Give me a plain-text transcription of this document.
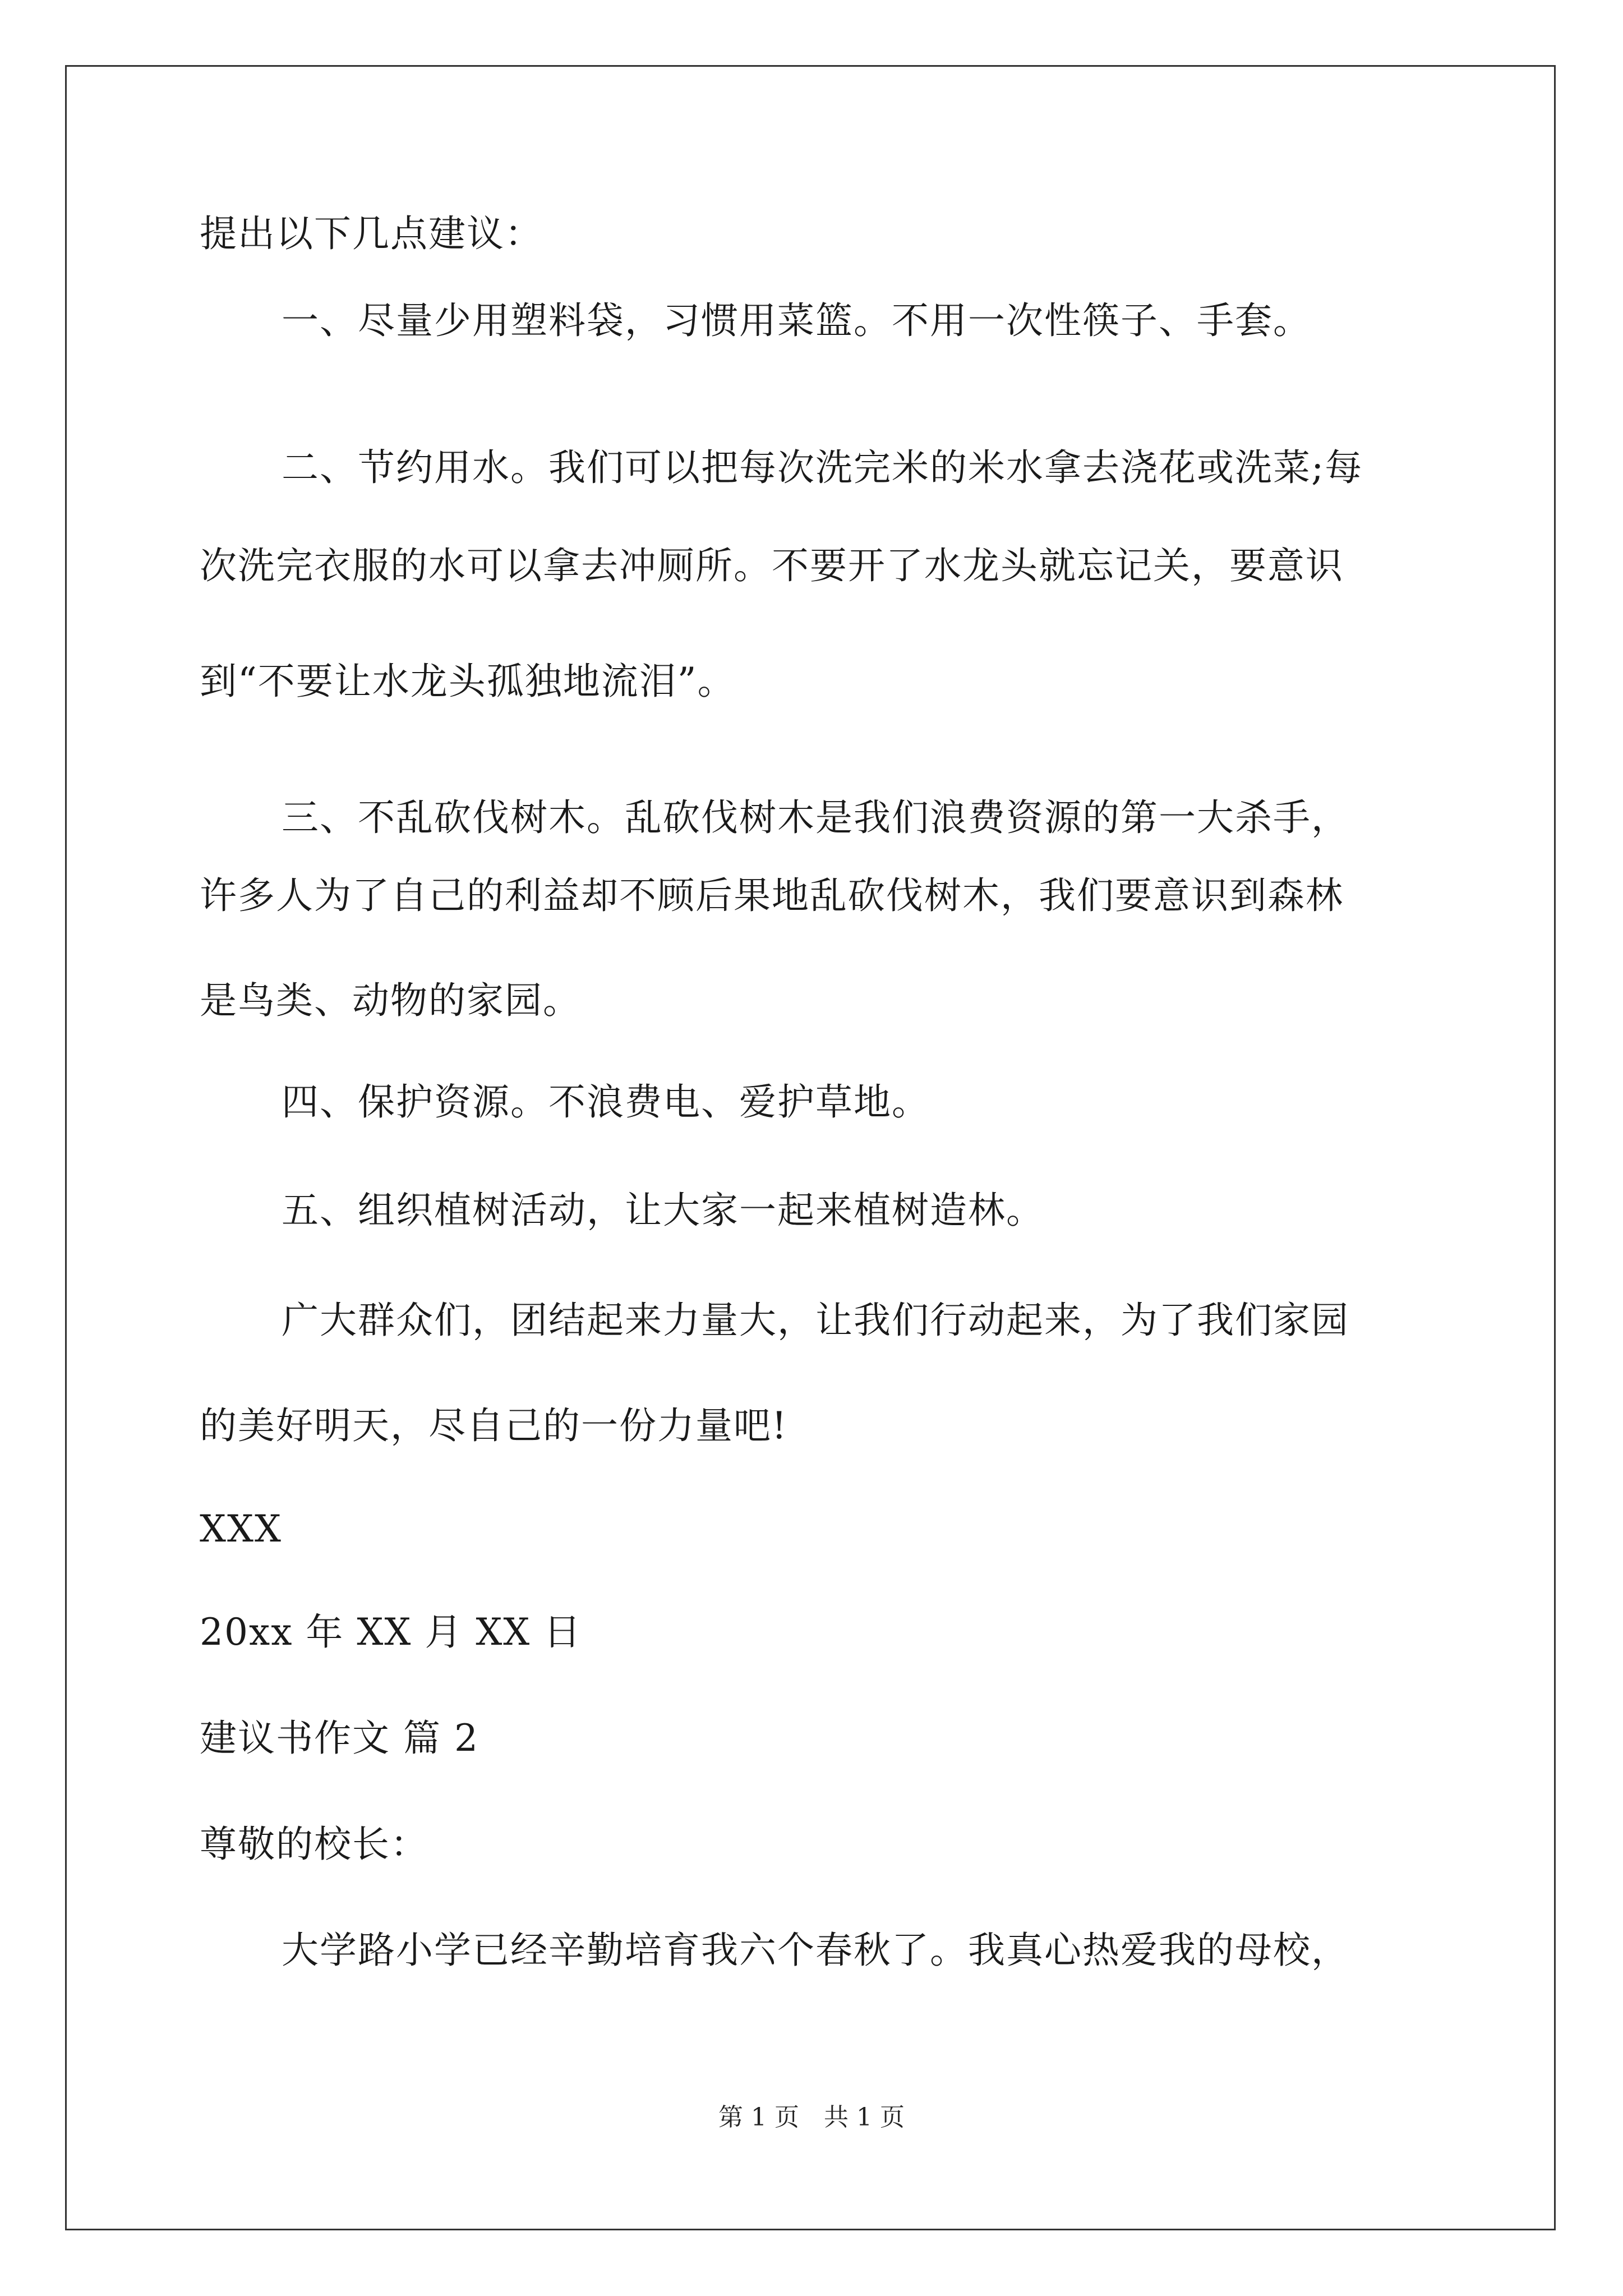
提出以下几点建议：
一、尽量少用塑料袋，习惯用菜篮。不用一次性筷子、手套。
二、节约用水。我们可以把每次洗完米的米水拿去浇花或洗菜;每
次洗完衣服的水可以拿去冲厕所。不要开了水龙头就忘记关，要意识
到“不要让水龙头孤独地流泪”。
三、不乱砍伐树木。乱砍伐树木是我们浪费资源的第一大杀手，
许多人为了自己的利益却不顾后果地乱砍伐树木，我们要意识到森林
是鸟类、动物的家园。
四、保护资源。不浪费电、爱护草地。
五、组织植树活动，让大家一起来植树造林。
广大群众们，团结起来力量大，让我们行动起来，为了我们家园
的美好明天，尽自己的一份力量吧!
XXX
20xx 年 XX 月 XX 日
建议书作文 篇 2
尊敬的校长：
大学路小学已经辛勤培育我六个春秋了。我真心热爱我的母校，
第 1 页　共 1 页
